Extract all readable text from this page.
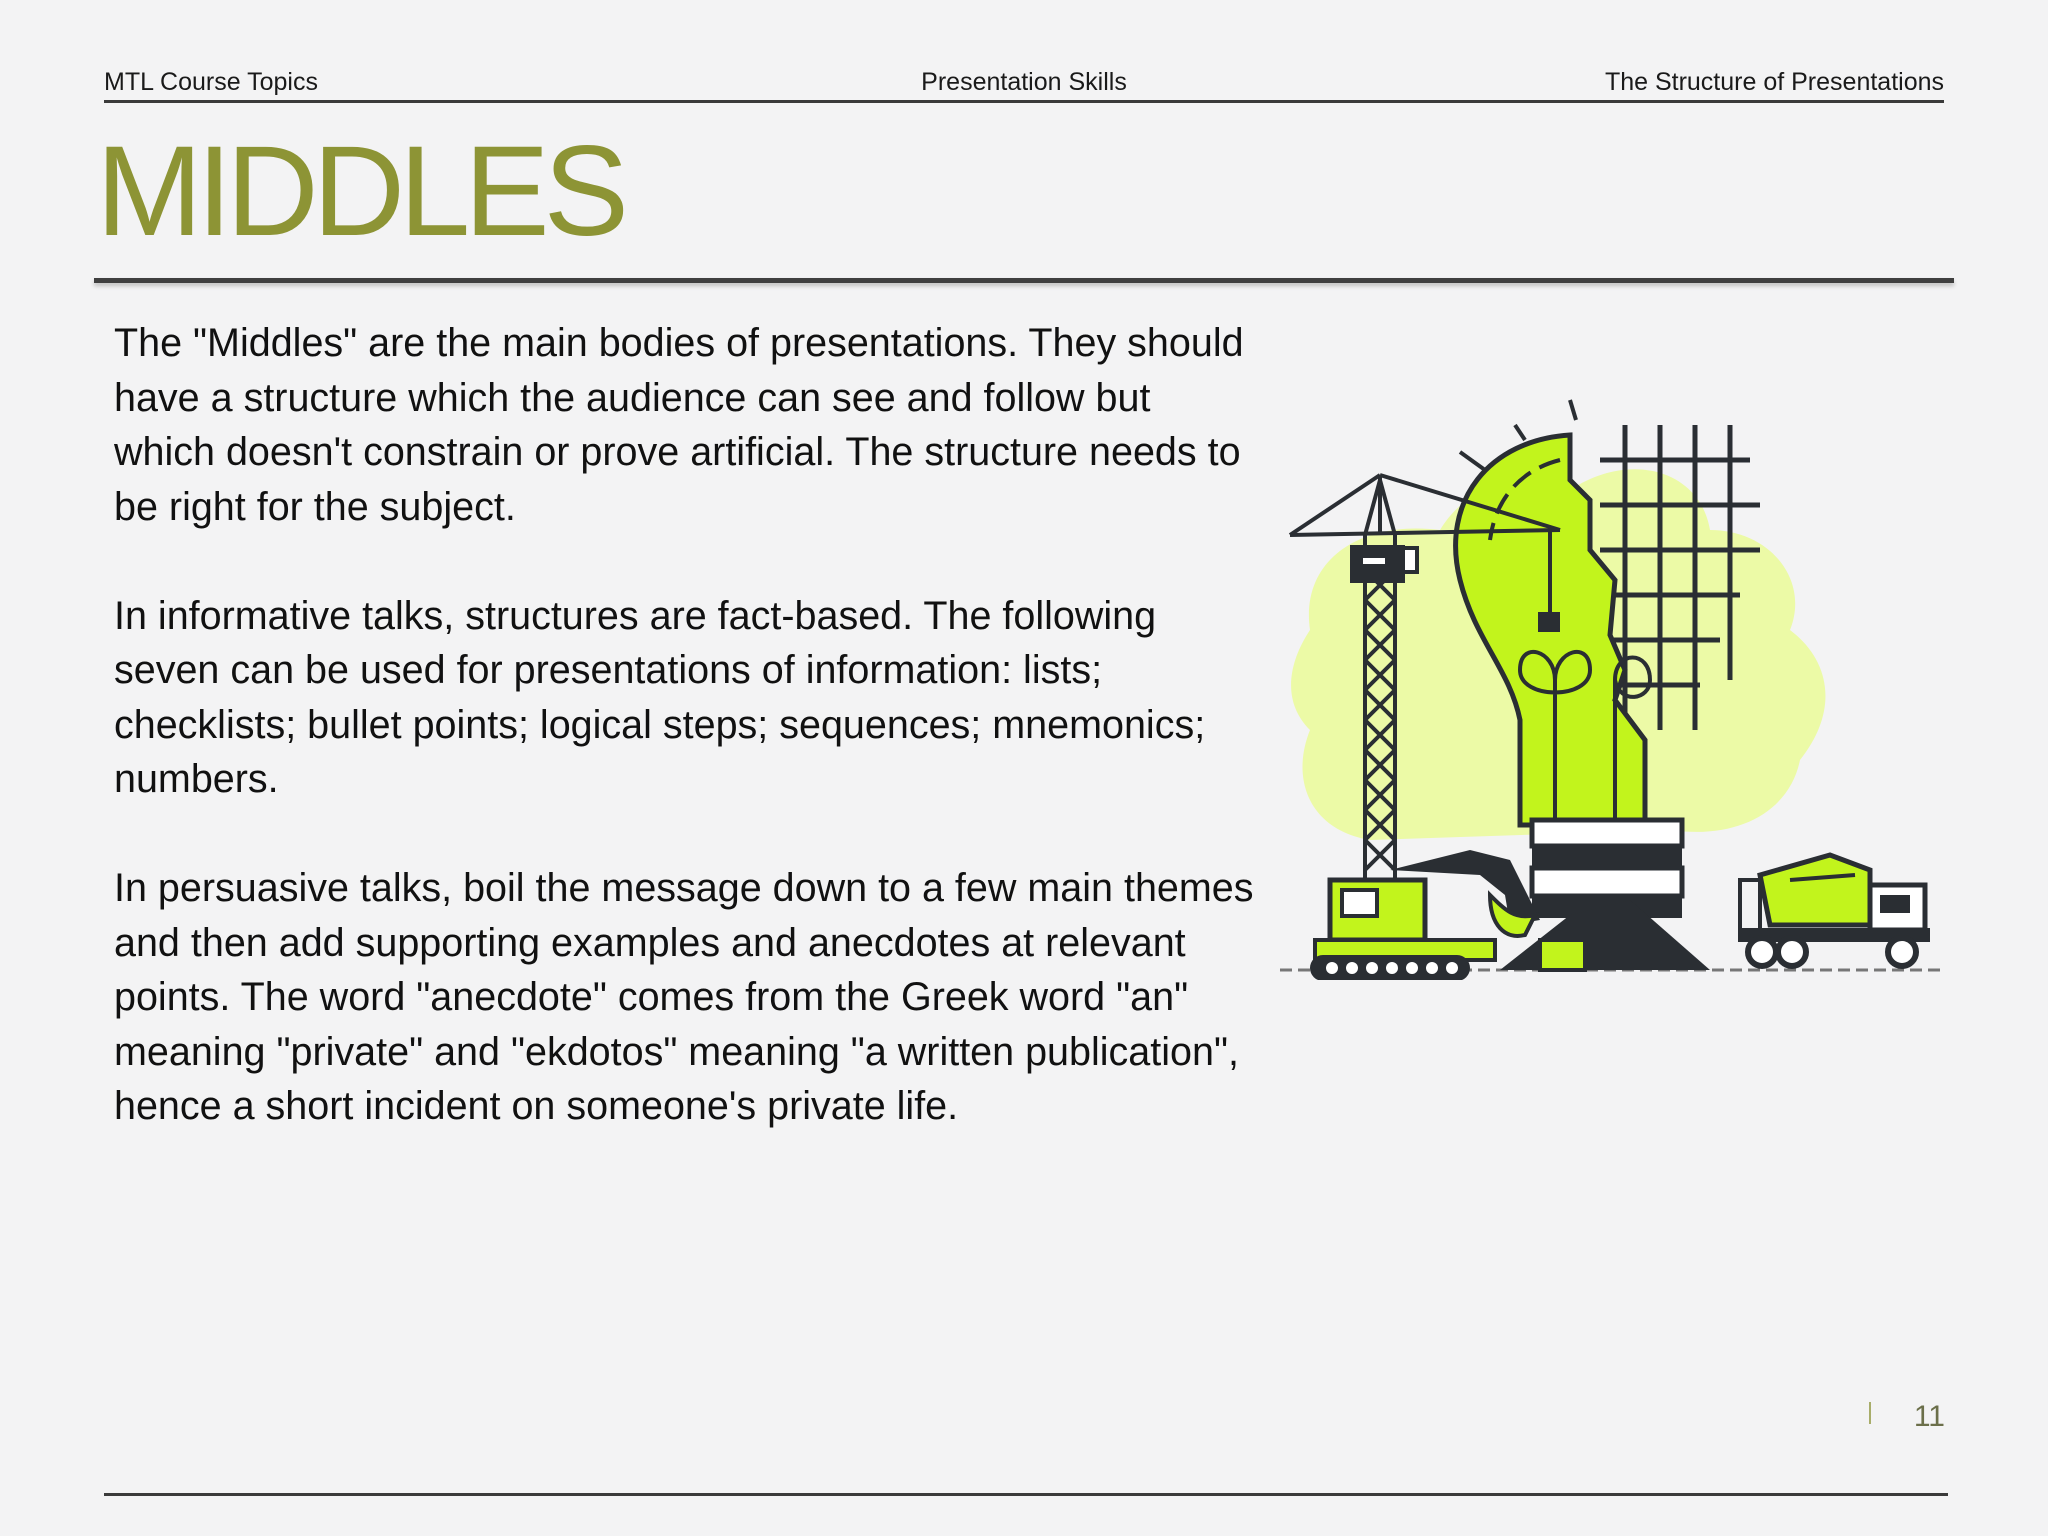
MTL Course Topics	Presentation Skills	The Structure of Presentations
MIDDLES

The "Middles" are the main bodies of presentations. They should have a structure which the audience can see and follow but which doesn't constrain or prove artificial. The structure needs to be right for the subject.

In informative talks, structures are fact-based. The following seven can be used for presentations of information: lists; checklists; bullet points; logical steps; sequences; mnemonics; numbers.

In persuasive talks, boil the message down to a few main themes and then add supporting examples and anecdotes at relevant points. The word "anecdote" comes from the Greek word "an" meaning "private" and "ekdotos" meaning "a written publication", hence a short incident on someone's private life.

11
